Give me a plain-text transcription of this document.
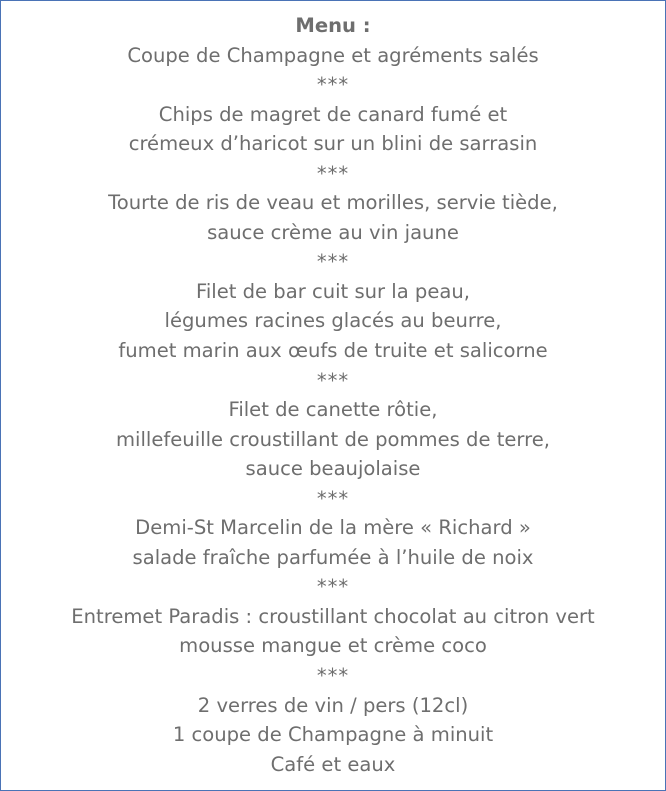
Menu :
Coupe de Champagne et agréments salés
***
Chips de magret de canard fumé et
crémeux d’haricot sur un blini de sarrasin
***
Tourte de ris de veau et morilles, servie tiède,
sauce crème au vin jaune
***
Filet de bar cuit sur la peau,
légumes racines glacés au beurre,
fumet marin aux œufs de truite et salicorne
***
Filet de canette rôtie,
millefeuille croustillant de pommes de terre,
sauce beaujolaise
***
Demi-St Marcelin de la mère « Richard »
salade fraîche parfumée à l’huile de noix
***
Entremet Paradis : croustillant chocolat au citron vert
mousse mangue et crème coco
***
2 verres de vin / pers (12cl)
1 coupe de Champagne à minuit
Café et eaux
